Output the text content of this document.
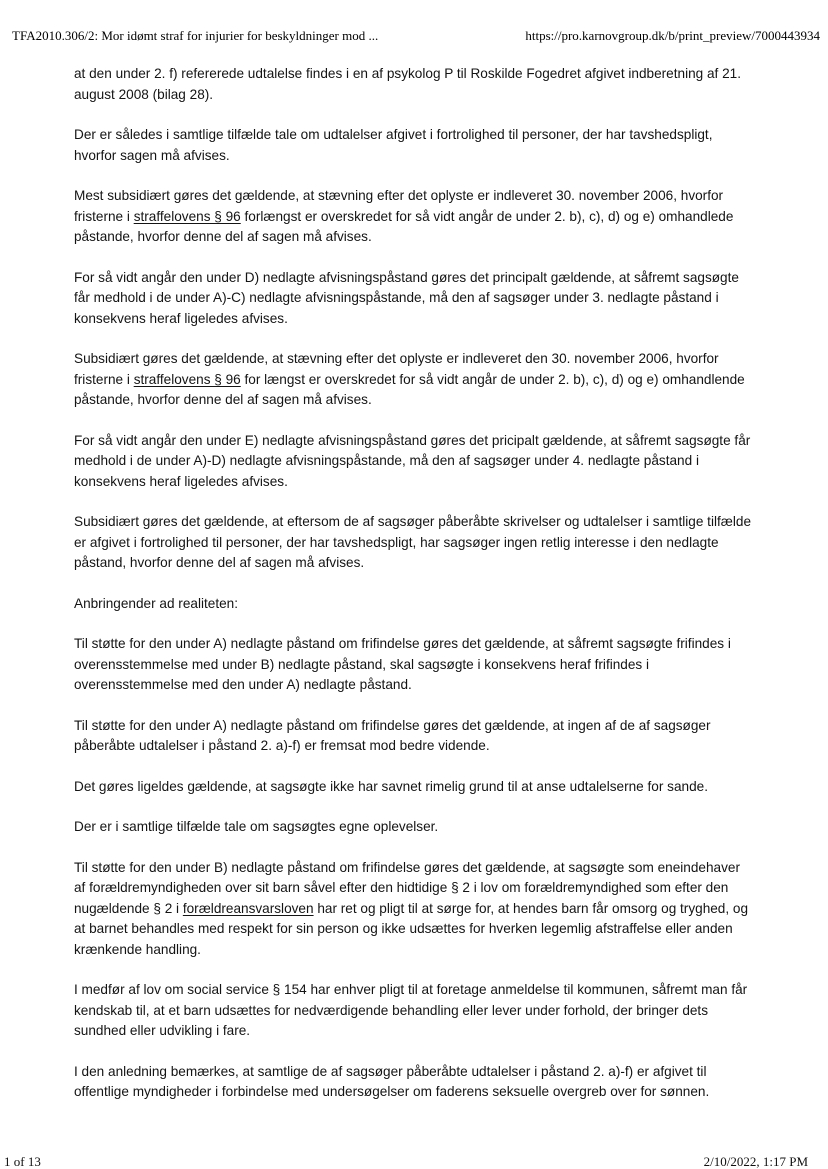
TFA2010.306/2: Mor idømt straf for injurier for beskyldninger mod ...	https://pro.karnovgroup.dk/b/print_preview/7000443934

at den under 2. f) refererede udtalelse findes i en af psykolog P til Roskilde Fogedret afgivet indberetning af 21. august 2008 (bilag 28).

Der er således i samtlige tilfælde tale om udtalelser afgivet i fortrolighed til personer, der har tavshedspligt, hvorfor sagen må afvises.

Mest subsidiært gøres det gældende, at stævning efter det oplyste er indleveret 30. november 2006, hvorfor fristerne i straffelovens § 96 forlængst er overskredet for så vidt angår de under 2. b), c), d) og e) omhandlede påstande, hvorfor denne del af sagen må afvises.

For så vidt angår den under D) nedlagte afvisningspåstand gøres det principalt gældende, at såfremt sagsøgte får medhold i de under A)-C) nedlagte afvisningspåstande, må den af sagsøger under 3. nedlagte påstand i konsekvens heraf ligeledes afvises.

Subsidiært gøres det gældende, at stævning efter det oplyste er indleveret den 30. november 2006, hvorfor fristerne i straffelovens § 96 for længst er overskredet for så vidt angår de under 2. b), c), d) og e) omhandlende påstande, hvorfor denne del af sagen må afvises.

For så vidt angår den under E) nedlagte afvisningspåstand gøres det pricipalt gældende, at såfremt sagsøgte får medhold i de under A)-D) nedlagte afvisningspåstande, må den af sagsøger under 4. nedlagte påstand i konsekvens heraf ligeledes afvises.

Subsidiært gøres det gældende, at eftersom de af sagsøger påberåbte skrivelser og udtalelser i samtlige tilfælde er afgivet i fortrolighed til personer, der har tavshedspligt, har sagsøger ingen retlig interesse i den nedlagte påstand, hvorfor denne del af sagen må afvises.

Anbringender ad realiteten:

Til støtte for den under A) nedlagte påstand om frifindelse gøres det gældende, at såfremt sagsøgte frifindes i overensstemmelse med under B) nedlagte påstand, skal sagsøgte i konsekvens heraf frifindes i overensstemmelse med den under A) nedlagte påstand.

Til støtte for den under A) nedlagte påstand om frifindelse gøres det gældende, at ingen af de af sagsøger påberåbte udtalelser i påstand 2. a)-f) er fremsat mod bedre vidende.

Det gøres ligeldes gældende, at sagsøgte ikke har savnet rimelig grund til at anse udtalelserne for sande.

Der er i samtlige tilfælde tale om sagsøgtes egne oplevelser.

Til støtte for den under B) nedlagte påstand om frifindelse gøres det gældende, at sagsøgte som eneindehaver af forældremyndigheden over sit barn såvel efter den hidtidige § 2 i lov om forældremyndighed som efter den nugældende § 2 i forældreansvarsloven har ret og pligt til at sørge for, at hendes barn får omsorg og tryghed, og at barnet behandles med respekt for sin person og ikke udsættes for hverken legemlig afstraffelse eller anden krænkende handling.

I medfør af lov om social service § 154 har enhver pligt til at foretage anmeldelse til kommunen, såfremt man får kendskab til, at et barn udsættes for nedværdigende behandling eller lever under forhold, der bringer dets sundhed eller udvikling i fare.

I den anledning bemærkes, at samtlige de af sagsøger påberåbte udtalelser i påstand 2. a)-f) er afgivet til offentlige myndigheder i forbindelse med undersøgelser om faderens seksuelle overgreb over for sønnen.

1 of 13	2/10/2022, 1:17 PM
